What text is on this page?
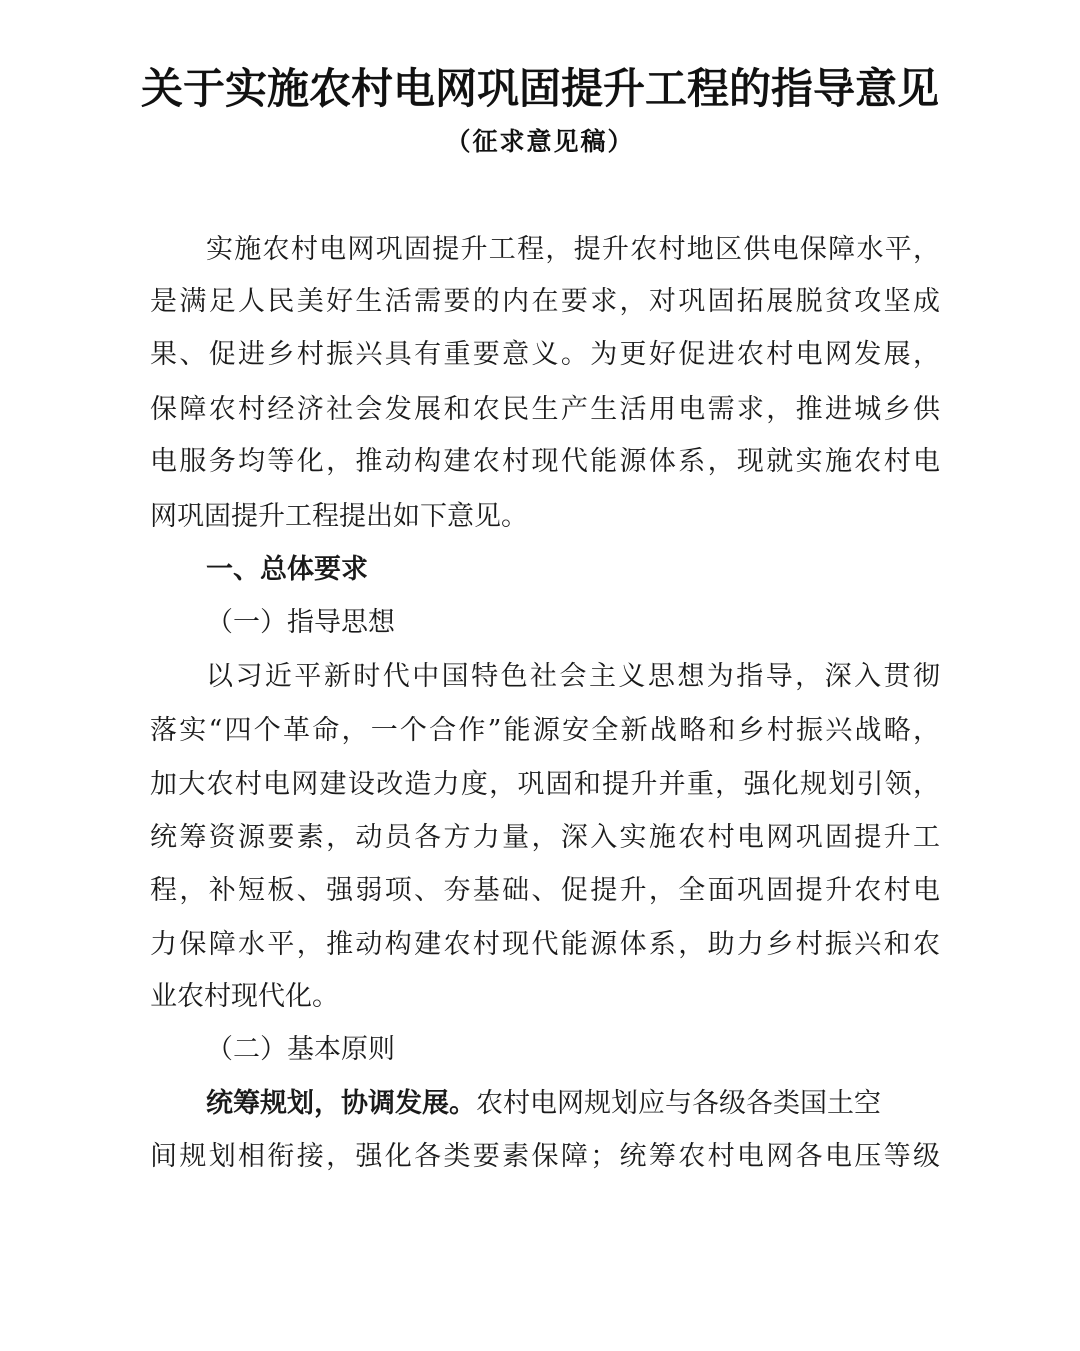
关于实施农村电网巩固提升工程的指导意见
（征求意见稿）
实施农村电网巩固提升工程，提升农村地区供电保障水平，
是满足人民美好生活需要的内在要求，对巩固拓展脱贫攻坚成
果、促进乡村振兴具有重要意义。为更好促进农村电网发展，
保障农村经济社会发展和农民生产生活用电需求，推进城乡供
电服务均等化，推动构建农村现代能源体系，现就实施农村电
网巩固提升工程提出如下意见。
一、总体要求
（一）指导思想
以习近平新时代中国特色社会主义思想为指导，深入贯彻
落实“四个革命，一个合作”能源安全新战略和乡村振兴战略，
加大农村电网建设改造力度，巩固和提升并重，强化规划引领，
统筹资源要素，动员各方力量，深入实施农村电网巩固提升工
程，补短板、强弱项、夯基础、促提升，全面巩固提升农村电
力保障水平，推动构建农村现代能源体系，助力乡村振兴和农
业农村现代化。
（二）基本原则
统筹规划，协调发展。农村电网规划应与各级各类国土空
间规划相衔接，强化各类要素保障；统筹农村电网各电压等级
